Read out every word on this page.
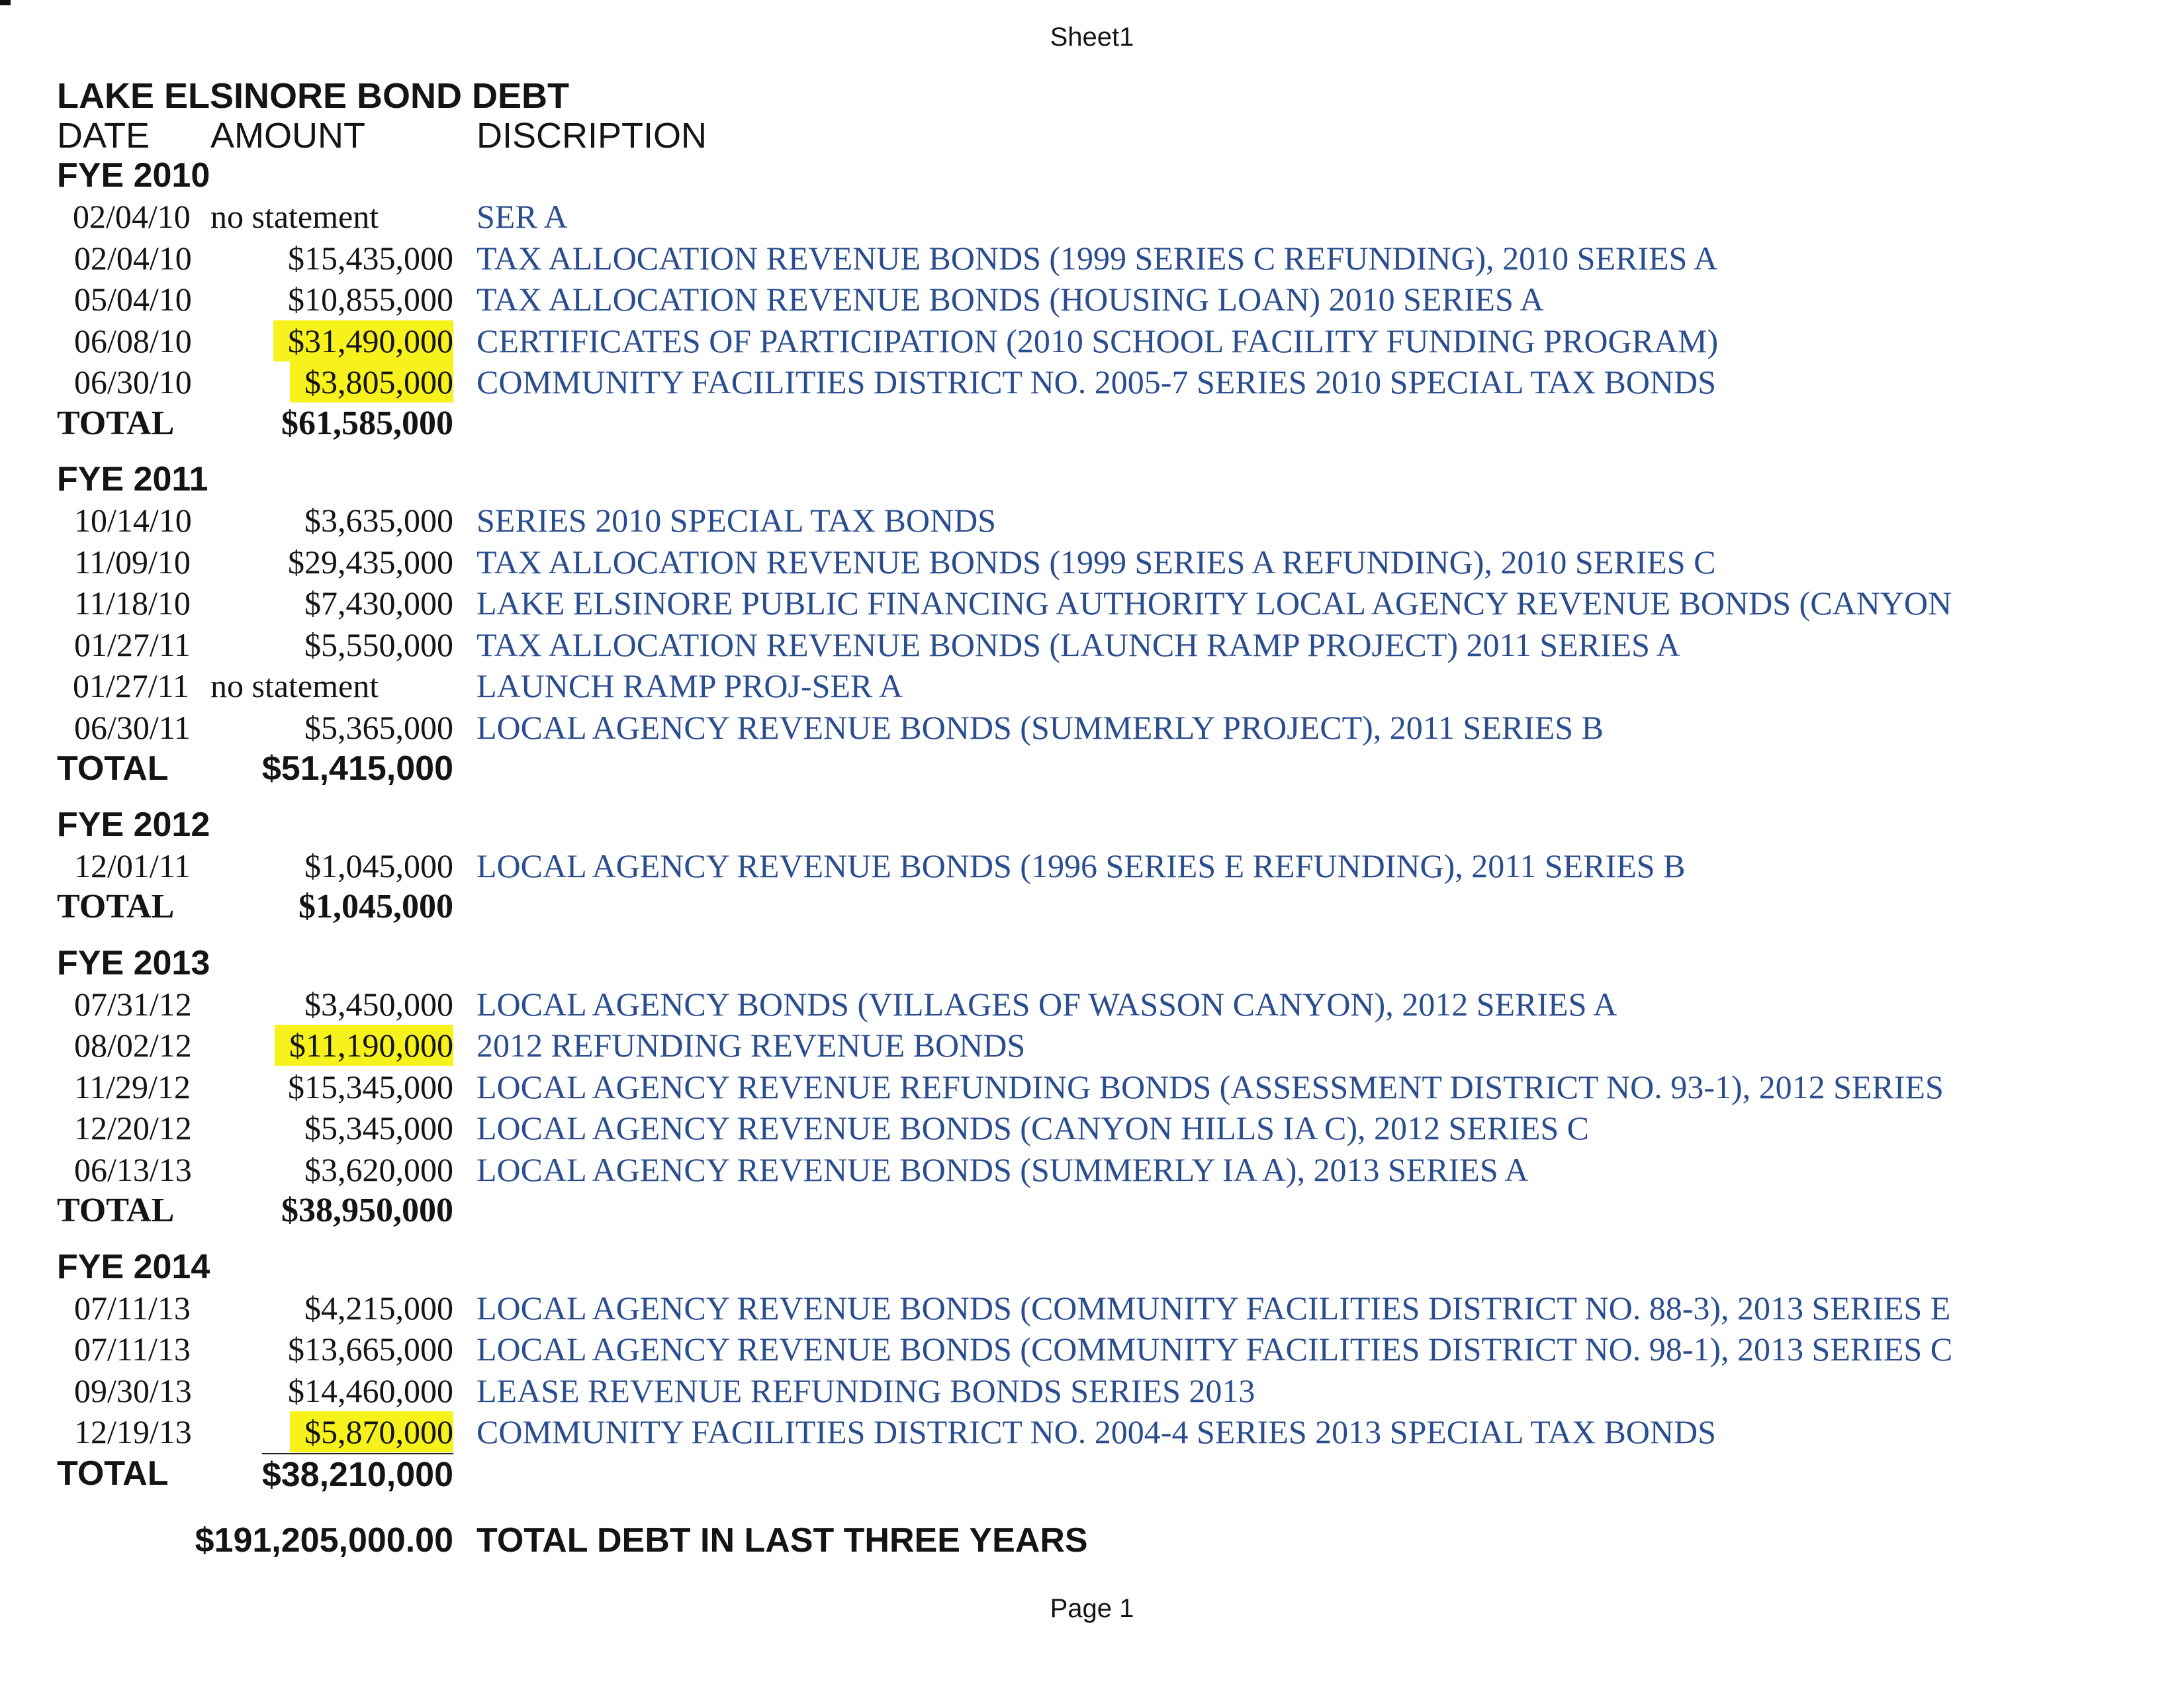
Sheet1
LAKE ELSINORE BOND DEBT
DATE AMOUNT	DISCRIPTION
FYE 2010
02/04/10 no statement	SER A
02/04/10	$15,435,000 TAX ALLOCATION REVENUE BONDS (1999 SERIES C REFUNDING), 2010 SERIES A
05/04/10	$10,855,000 TAX ALLOCATION REVENUE BONDS (HOUSING LOAN) 2010 SERIES A
06/08/10	$31,490,000 CERTIFICATES OF PARTICIPATION (2010 SCHOOL FACILITY FUNDING PROGRAM)
06/30/10	$3,805,000 COMMUNITY FACILITIES DISTRICT NO. 2005-7 SERIES 2010 SPECIAL TAX BONDS
TOTAL	$61,585,000
FYE 2011
10/14/10	$3,635,000 SERIES 2010 SPECIAL TAX BONDS
11/09/10	$29,435,000 TAX ALLOCATION REVENUE BONDS (1999 SERIES A REFUNDING), 2010 SERIES C
11/18/10	$7,430,000 LAKE ELSINORE PUBLIC FINANCING AUTHORITY LOCAL AGENCY REVENUE BONDS (CANYON
01/27/11	$5,550,000 TAX ALLOCATION REVENUE BONDS (LAUNCH RAMP PROJECT) 2011 SERIES A
01/27/11 no statement	LAUNCH RAMP PROJ-SER A
06/30/11	$5,365,000 LOCAL AGENCY REVENUE BONDS (SUMMERLY PROJECT), 2011 SERIES B
TOTAL	$51,415,000
FYE 2012
12/01/11	$1,045,000 LOCAL AGENCY REVENUE BONDS (1996 SERIES E REFUNDING), 2011 SERIES B
TOTAL	$1,045,000
FYE 2013
07/31/12	$3,450,000 LOCAL AGENCY BONDS (VILLAGES OF WASSON CANYON), 2012 SERIES A
08/02/12	$11,190,000 2012 REFUNDING REVENUE BONDS
11/29/12	$15,345,000 LOCAL AGENCY REVENUE REFUNDING BONDS (ASSESSMENT DISTRICT NO. 93-1), 2012 SERIES
12/20/12	$5,345,000 LOCAL AGENCY REVENUE BONDS (CANYON HILLS IA C), 2012 SERIES C
06/13/13	$3,620,000 LOCAL AGENCY REVENUE BONDS (SUMMERLY IA A), 2013 SERIES A
TOTAL	$38,950,000
FYE 2014
07/11/13	$4,215,000 LOCAL AGENCY REVENUE BONDS (COMMUNITY FACILITIES DISTRICT NO. 88-3), 2013 SERIES E
07/11/13	$13,665,000 LOCAL AGENCY REVENUE BONDS (COMMUNITY FACILITIES DISTRICT NO. 98-1), 2013 SERIES C
09/30/13	$14,460,000 LEASE REVENUE REFUNDING BONDS SERIES 2013
12/19/13	$5,870,000 COMMUNITY FACILITIES DISTRICT NO. 2004-4 SERIES 2013 SPECIAL TAX BONDS
TOTAL	$38,210,000
$191,205,000.00 TOTAL DEBT IN LAST THREE YEARS
Page 1
